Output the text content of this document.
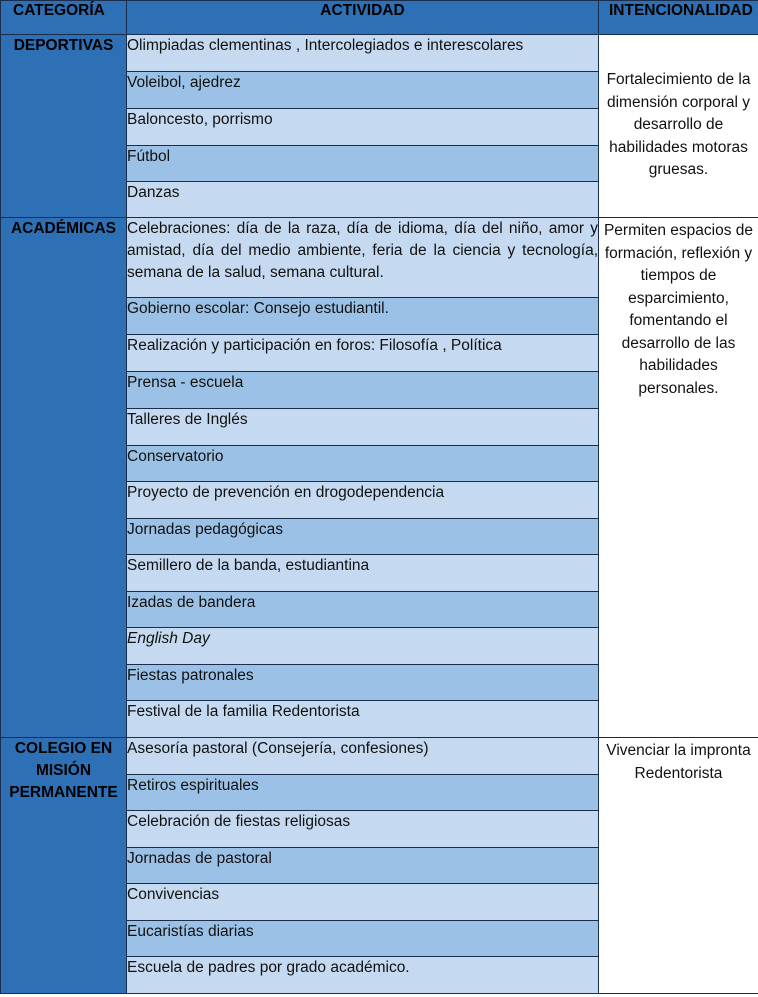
CATEGORÍA	ACTIVIDAD	INTENCIONALIDAD
DEPORTIVAS	Olimpiadas clementinas , Intercolegiados e interescolares	Fortalecimiento de la dimensión corporal y desarrollo de habilidades motoras gruesas.

	Voleibol, ajedrez	
	Baloncesto, porrismo	
	Fútbol	
	Danzas	
ACADÉMICAS	Celebraciones: día de la raza, día de idioma, día del niño, amor y amistad, día del medio ambiente, feria de la ciencia y tecnología, semana de la salud, semana cultural.	Permiten espacios de formación, reflexión y tiempos de esparcimiento, fomentando el desarrollo de las habilidades personales.

	Gobierno escolar: Consejo estudiantil.	
	Realización y participación en foros: Filosofía , Política	
	Prensa - escuela	
	Talleres de Inglés	
	Conservatorio	
	Proyecto de prevención en drogodependencia	
	Jornadas pedagógicas	
	Semillero de la banda, estudiantina	
	Izadas de bandera	
	English Day	
	Fiestas patronales	
	Festival de la familia Redentorista	
COLEGIO EN MISIÓN PERMANENTE	Asesoría pastoral (Consejería, confesiones)	Vivenciar la impronta Redentorista

	Retiros espirituales	
	Celebración de fiestas religiosas	
	Jornadas de pastoral	
	Convivencias	
	Eucaristías diarias	
	Escuela de padres por grado académico.	
